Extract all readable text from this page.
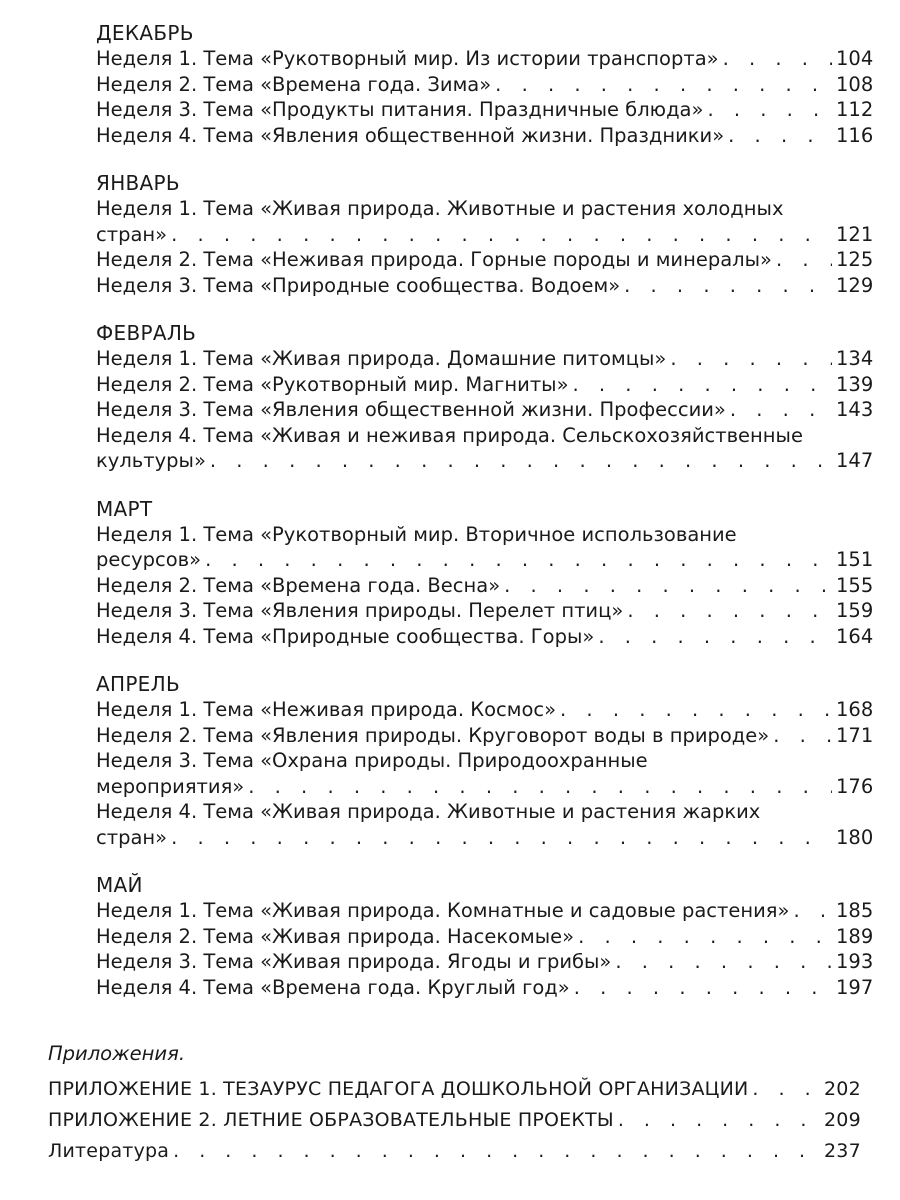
ДЕКАБРЬ
Неделя 1. Тема «Рукотворный мир. Из истории транспорта» . . .	104
Неделя 2. Тема «Времена года. Зима» . . .	108
Неделя 3. Тема «Продукты питания. Праздничные блюда» . . .	112
Неделя 4. Тема «Явления общественной жизни. Праздники» . . .	116
ЯНВАРЬ
Неделя 1. Тема «Живая природа. Животные и растения холодных
стран» . . .	121
Неделя 2. Тема «Неживая природа. Горные породы и минералы» . . .	125
Неделя 3. Тема «Природные сообщества. Водоем» . . .	129
ФЕВРАЛЬ
Неделя 1. Тема «Живая природа. Домашние питомцы» . . .	134
Неделя 2. Тема «Рукотворный мир. Магниты» . . .	139
Неделя 3. Тема «Явления общественной жизни. Профессии» . . .	143
Неделя 4. Тема «Живая и неживая природа. Сельскохозяйственные
культуры» . . .	147
МАРТ
Неделя 1. Тема «Рукотворный мир. Вторичное использование
ресурсов» . . .	151
Неделя 2. Тема «Времена года. Весна» . . .	155
Неделя 3. Тема «Явления природы. Перелет птиц» . . .	159
Неделя 4. Тема «Природные сообщества. Горы» . . .	164
АПРЕЛЬ
Неделя 1. Тема «Неживая природа. Космос» . . .	168
Неделя 2. Тема «Явления природы. Круговорот воды в природе» . . .	171
Неделя 3. Тема «Охрана природы. Природоохранные
мероприятия» . . .	176
Неделя 4. Тема «Живая природа. Животные и растения жарких
стран» . . .	180
МАЙ
Неделя 1. Тема «Живая природа. Комнатные и садовые растения» . . . 185
Неделя 2. Тема «Живая природа. Насекомые» . . .	189
Неделя 3. Тема «Живая природа. Ягоды и грибы» . . .	193
Неделя 4. Тема «Времена года. Круглый год» . . .	197
Приложения.
ПРИЛОЖЕНИЕ 1. ТЕЗАУРУС ПЕДАГОГА ДОШКОЛЬНОЙ ОРГАНИЗАЦИИ . . .	202
ПРИЛОЖЕНИЕ 2. ЛЕТНИЕ ОБРАЗОВАТЕЛЬНЫЕ ПРОЕКТЫ . . .	209
Литература . . .	237
